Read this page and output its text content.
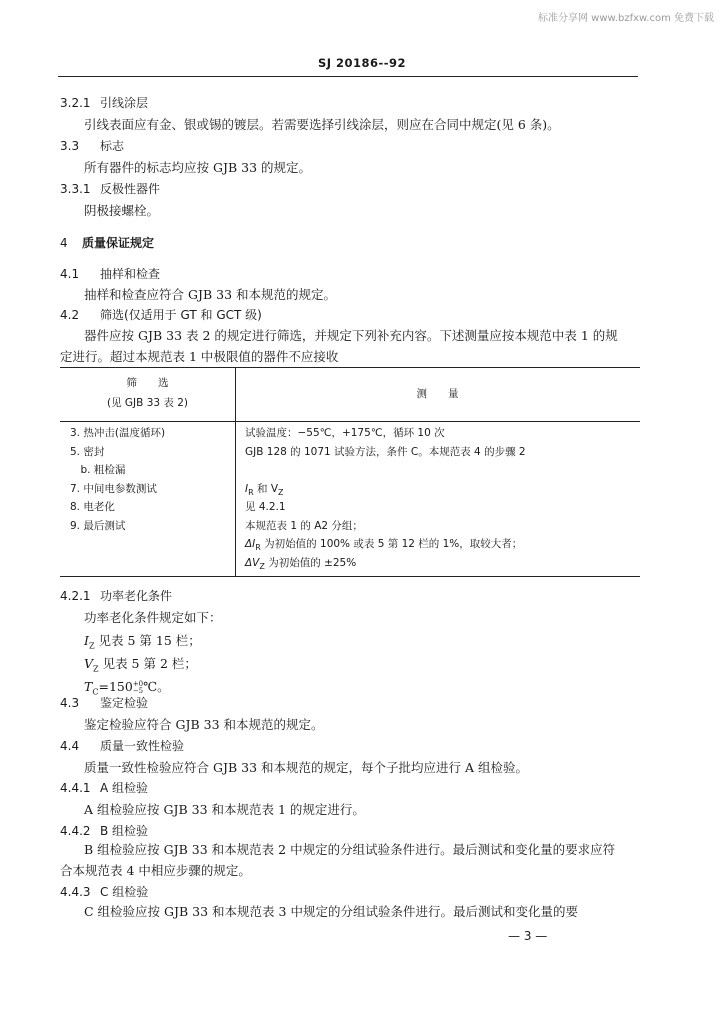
标准分享网 www.bzfxw.com 免费下载
SJ 20186--92
3.2.1 引线涂层
引线表面应有金、银或锡的镀层。若需要选择引线涂层，则应在合同中规定(见 6 条)。
3.3 标志
所有器件的标志均应按 GJB 33 的规定。
3.3.1 反极性器件
阴极接螺栓。
4 质量保证规定
4.1 抽样和检查
抽样和检查应符合 GJB 33 和本规范的规定。
4.2 筛选(仅适用于 GT 和 GCT 级)
器件应按 GJB 33 表 2 的规定进行筛选，并规定下列补充内容。下述测量应按本规范中表 1 的规定进行。超过本规范表 1 中极限值的器件不应接收
筛　　选
(见 GJB 33 表 2)
测　　量
3. 热冲击(温度循环)
5. 密封
　b. 粗检漏
7. 中间电参数测试
8. 电老化
9. 最后测试
试验温度：−55℃，+175℃，循环 10 次
GJB 128 的 1071 试验方法，条件 C。本规范表 4 的步骤 2
$I_R$ 和 $V_Z$
见 4.2.1
本规范表 1 的 A2 分组；
$\Delta I_R$ 为初始值的 100% 或表 5 第 12 栏的 1%，取较大者；
$\Delta V_Z$ 为初始值的 ±25%
4.2.1 功率老化条件
功率老化条件规定如下：
$I_Z$ 见表 5 第 15 栏；
$V_Z$ 见表 5 第 2 栏；
$T_C=150 +0$
−5 ℃。
4.3 鉴定检验
鉴定检验应符合 GJB 33 和本规范的规定。
4.4 质量一致性检验
质量一致性检验应符合 GJB 33 和本规范的规定，每个子批均应进行 A 组检验。
4.4.1 A 组检验
A 组检验应按 GJB 33 和本规范表 1 的规定进行。
4.4.2 B 组检验
B 组检验应按 GJB 33 和本规范表 2 中规定的分组试验条件进行。最后测试和变化量的要求应符合本规范表 4 中相应步骤的规定。
4.4.3 C 组检验
C 组检验应按 GJB 33 和本规范表 3 中规定的分组试验条件进行。最后测试和变化量的要
— 3 —
